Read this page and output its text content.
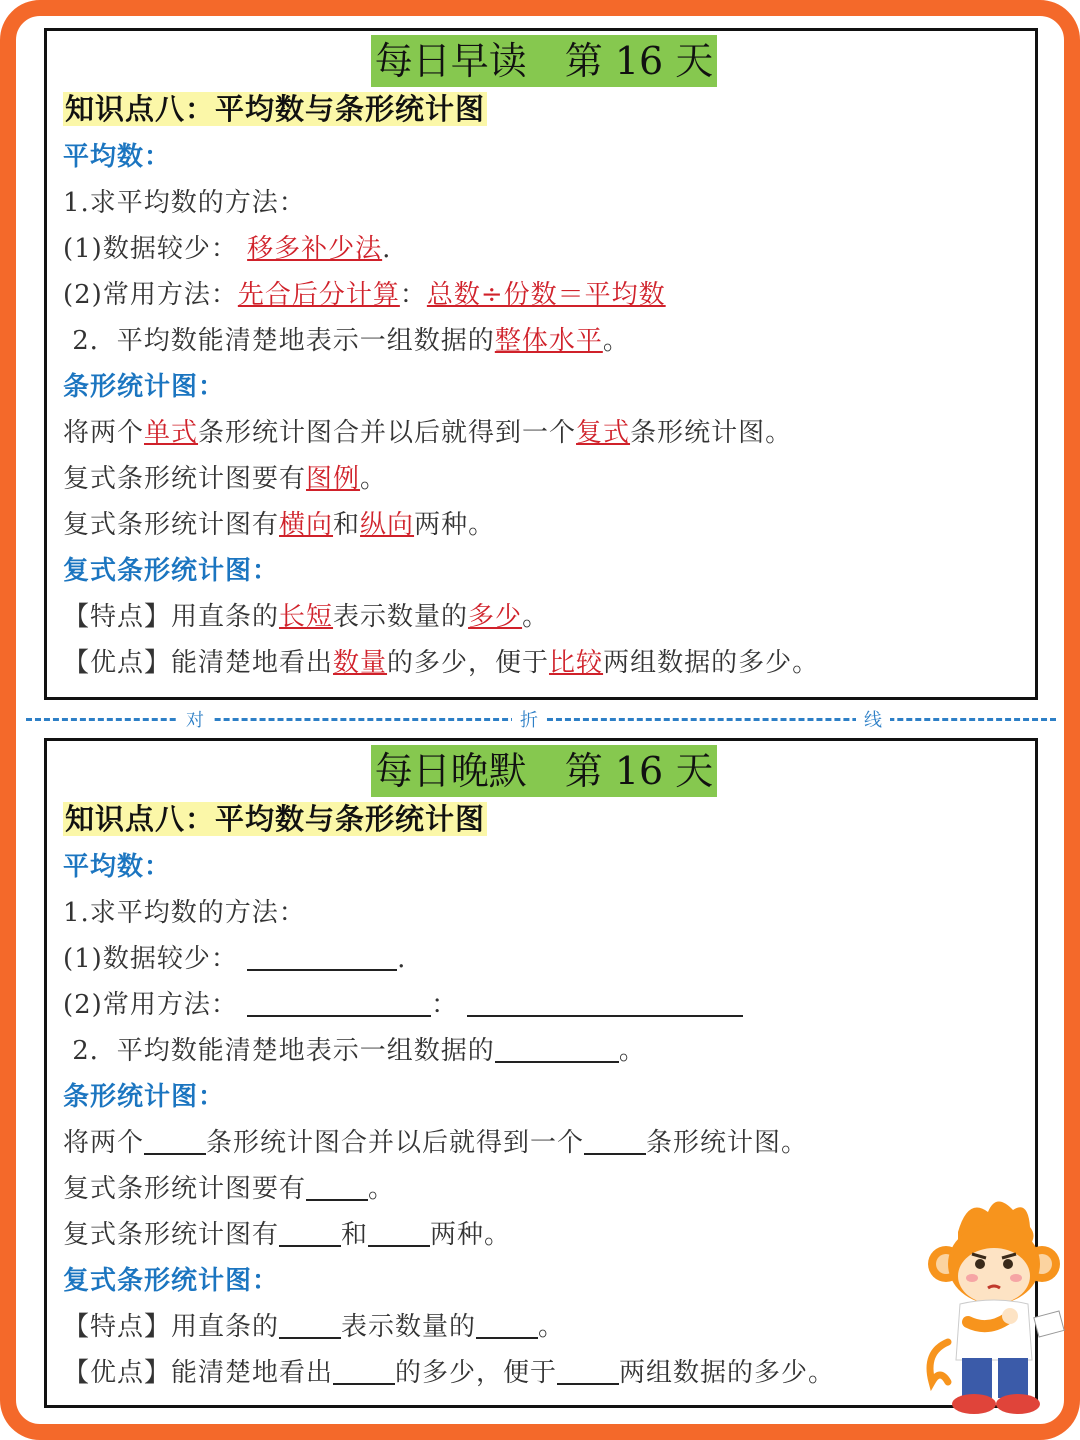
每日早读　第 16 天
知识点八：平均数与条形统计图
平均数：
1.求平均数的方法：
(1)数据较少： 移多补少法.
(2)常用方法：先合后分计算：总数÷份数＝平均数
2．平均数能清楚地表示一组数据的整体水平。
条形统计图：
将两个单式条形统计图合并以后就得到一个复式条形统计图。
复式条形统计图要有图例。
复式条形统计图有横向和纵向两种。
复式条形统计图：
【特点】用直条的长短表示数量的多少。
【优点】能清楚地看出数量的多少，便于比较两组数据的多少。
对	折	线
每日晚默　第 16 天
知识点八：平均数与条形统计图
平均数：
1.求平均数的方法：
(1)数据较少：	.
(2)常用方法：	：
2．平均数能清楚地表示一组数据的	。
条形统计图：
将两个 条形统计图合并以后就得到一个 条形统计图。
复式条形统计图要有 。
复式条形统计图有 和 两种。
复式条形统计图：
【特点】用直条的 表示数量的 。
【优点】能清楚地看出 的多少，便于 两组数据的多少。
